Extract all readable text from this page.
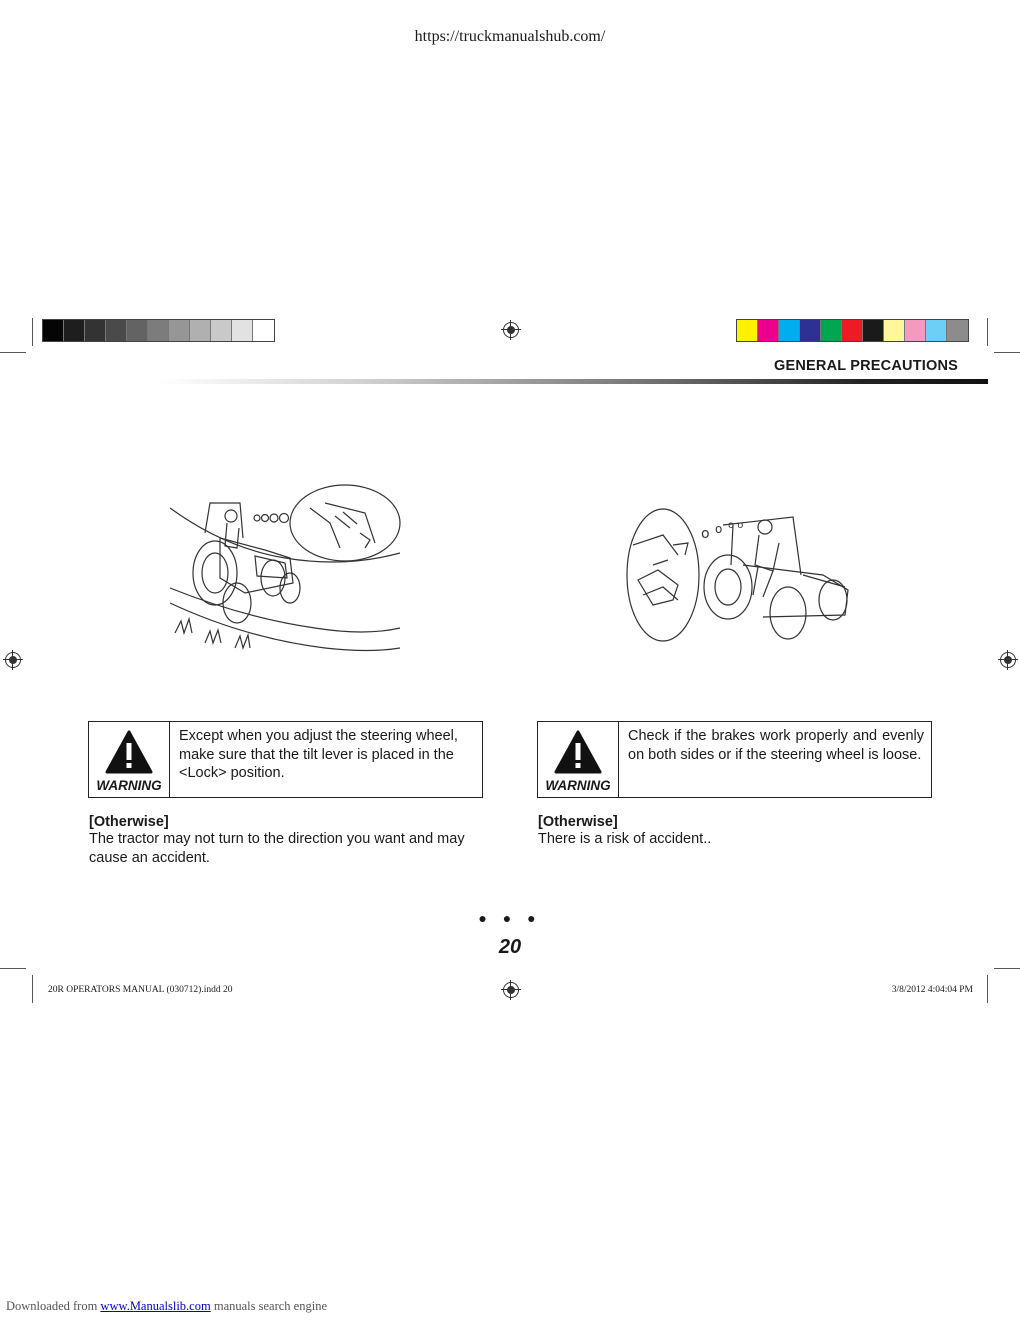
https://truckmanualshub.com/
GENERAL PRECAUTIONS
o o o o
WARNING
Except when you adjust the steering wheel, make sure that the tilt lever is placed in the <Lock> position.
WARNING
Check if the brakes work properly and evenly on both sides or if the steering wheel is loose.
[Otherwise]
The tractor may not turn to the direction you want and may cause an accident.
[Otherwise]
There is a risk of accident..
● ● ●
20
20R OPERATORS MANUAL (030712).indd 20	3/8/2012 4:04:04 PM
Downloaded from www.Manualslib.com manuals search engine
